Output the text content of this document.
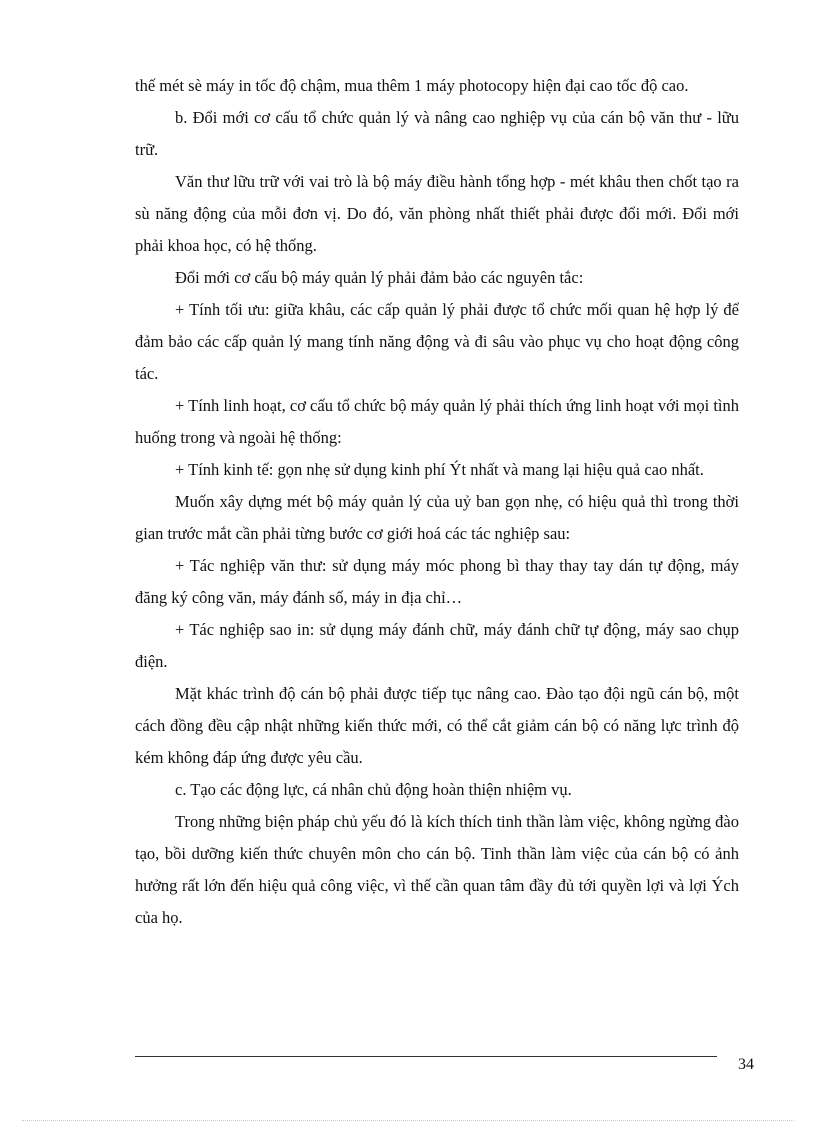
thế mét sè máy in tốc độ chậm, mua thêm 1 máy photocopy hiện đại cao tốc độ cao.

b. Đổi mới cơ cấu tổ chức quản lý và nâng cao nghiệp vụ của cán bộ văn thư - lữu trữ.

Văn thư lữu trữ với vai trò là bộ máy điều hành tổng hợp - mét khâu then chốt tạo ra sù năng động của mỗi đơn vị. Do đó, văn phòng nhất thiết phải được đổi mới. Đổi mới phải khoa học, có hệ thống.

Đổi mới cơ cấu bộ máy quản lý phải đảm bảo các nguyên tắc:

+ Tính tối ưu: giữa khâu, các cấp quản lý phải được tổ chức mối quan hệ hợp lý để đảm bảo các cấp quản lý mang tính năng động và đi sâu vào phục vụ cho hoạt động công tác.

+ Tính linh hoạt, cơ cấu tổ chức bộ máy quản lý phải thích ứng linh hoạt với mọi tình huống trong và ngoài hệ thống:

+ Tính kinh tế: gọn nhẹ sử dụng kinh phí Ýt nhất và mang lại hiệu quả cao nhất.

Muốn xây dựng mét bộ máy quản lý của uỷ ban gọn nhẹ, có hiệu quả thì trong thời gian trước mắt cần phải từng bước cơ giới hoá các tác nghiệp sau:

+ Tác nghiệp văn thư: sử dụng máy móc phong bì thay thay tay dán tự động, máy đăng ký công văn, máy đánh số, máy in địa chỉ…

+ Tác nghiệp sao in: sử dụng máy đánh chữ, máy đánh chữ tự động, máy sao chụp điện.

Mặt khác trình độ cán bộ phải được tiếp tục nâng cao. Đào tạo đội ngũ cán bộ, một cách đồng đều cập nhật những kiến thức mới, có thể cắt giảm cán bộ có năng lực trình độ kém không đáp ứng được yêu cầu.

c. Tạo các động lực, cá nhân chủ động hoàn thiện nhiệm vụ.

Trong những biện pháp chủ yếu đó là kích thích tinh thần làm việc, không ngừng đào tạo, bồi dưỡng kiến thức chuyên môn cho cán bộ. Tinh thần làm việc của cán bộ có ảnh hưởng rất lớn đến hiệu quả công việc, vì thế cần quan tâm đầy đủ tới quyền lợi và lợi Ých của họ.

34
